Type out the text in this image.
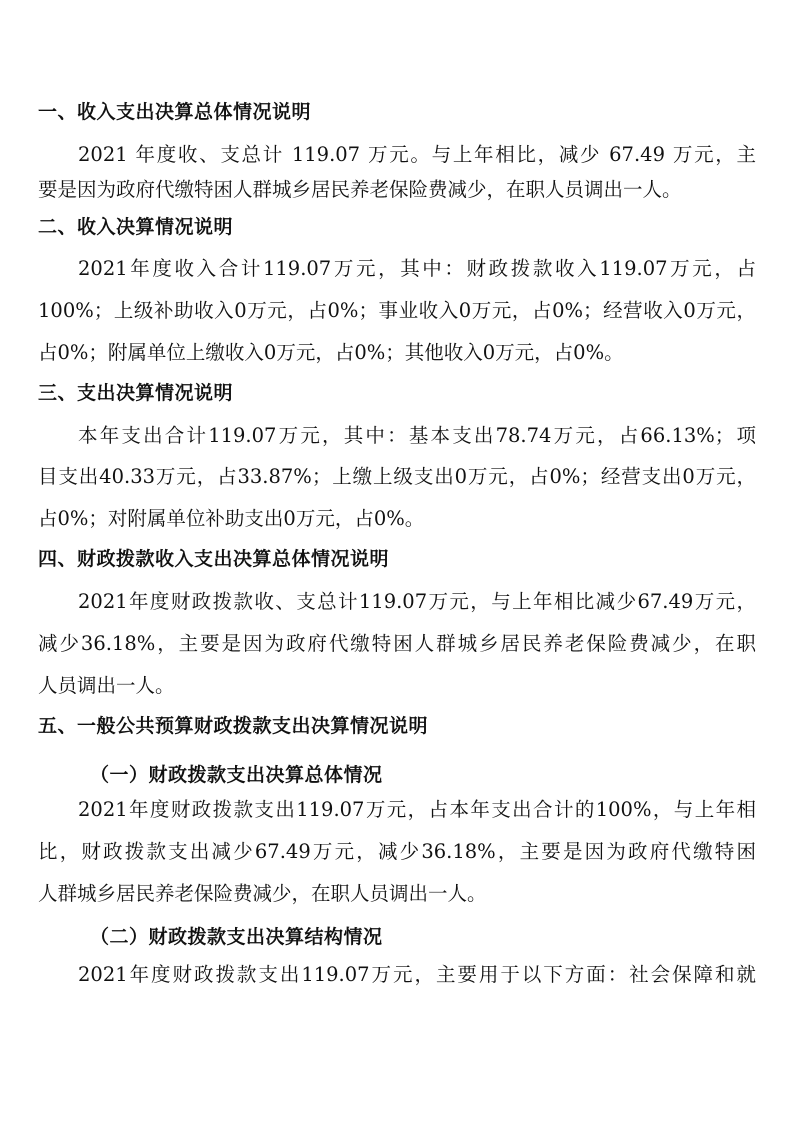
一、收入支出决算总体情况说明
2021 年度收、支总计 119.07 万元。与上年相比，减少 67.49 万元，主
要是因为政府代缴特困人群城乡居民养老保险费减少，在职人员调出一人。
二、收入决算情况说明
2021年度收入合计119.07万元，其中：财政拨款收入119.07万元，占
100%；上级补助收入0万元，占0%；事业收入0万元，占0%；经营收入0万元，
占0%；附属单位上缴收入0万元，占0%；其他收入0万元，占0%。
三、支出决算情况说明
本年支出合计119.07万元，其中：基本支出78.74万元，占66.13%；项
目支出40.33万元，占33.87%；上缴上级支出0万元，占0%；经营支出0万元，
占0%；对附属单位补助支出0万元，占0%。
四、财政拨款收入支出决算总体情况说明
2021年度财政拨款收、支总计119.07万元，与上年相比减少67.49万元，
减少36.18%，主要是因为政府代缴特困人群城乡居民养老保险费减少，在职
人员调出一人。
五、一般公共预算财政拨款支出决算情况说明
（一）财政拨款支出决算总体情况
2021年度财政拨款支出119.07万元，占本年支出合计的100%，与上年相
比，财政拨款支出减少67.49万元，减少36.18%，主要是因为政府代缴特困
人群城乡居民养老保险费减少，在职人员调出一人。
（二）财政拨款支出决算结构情况
2021年度财政拨款支出119.07万元，主要用于以下方面：社会保障和就
